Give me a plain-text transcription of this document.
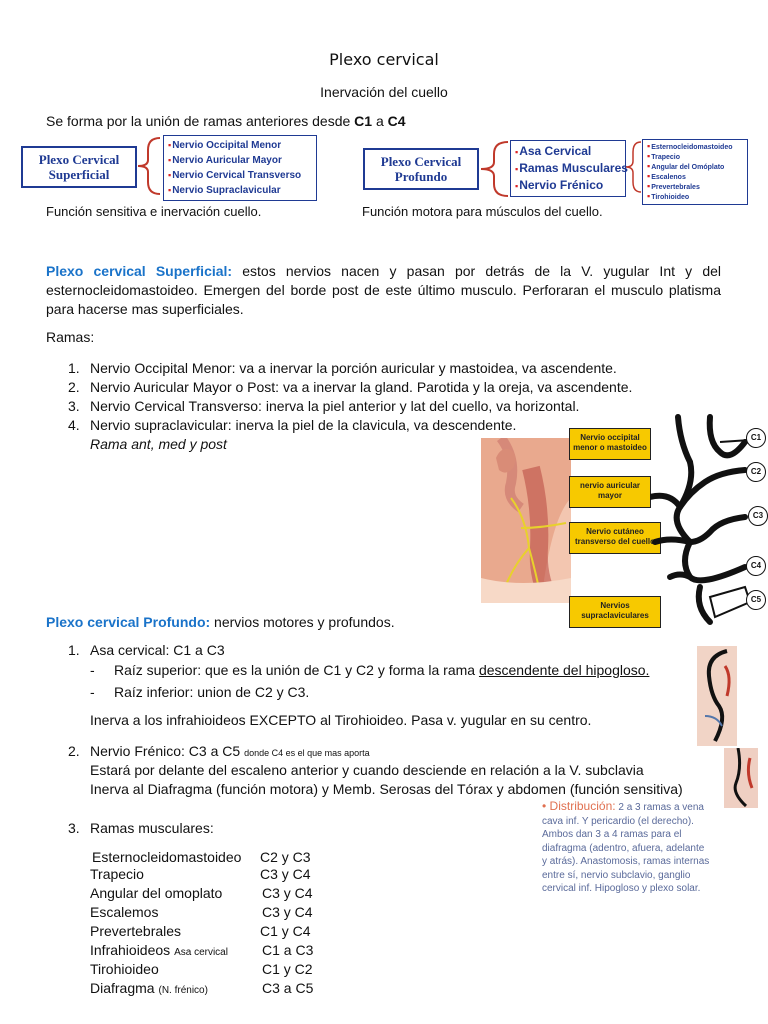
Plexo cervical
Inervación del cuello
Se forma por la unión de ramas anteriores desde C1 a C4
Plexo Cervical
Superficial
▪ Nervio Occipital Menor
▪ Nervio Auricular Mayor
▪ Nervio Cervical Transverso
▪ Nervio Supraclavicular
Función sensitiva e inervación cuello.
Plexo Cervical
Profundo
▪ Asa Cervical
▪ Ramas Musculares
▪ Nervio Frénico
▪ Esternocleidomastoideo
▪ Trapecio
▪ Angular del Omóplato
▪ Escalenos
▪ Prevertebrales
▪ Tirohioideo
Función motora para músculos del cuello.
Plexo cervical Superficial: estos nervios nacen y pasan por detrás de la V. yugular Int y del esternocleidomastoideo. Emergen del borde post de este último musculo. Perforaran el musculo platisma para hacerse mas superficiales.
Ramas:
1. Nervio Occipital Menor: va a inervar la porción auricular y mastoidea, va ascendente.
2. Nervio Auricular Mayor o Post: va a inervar la gland. Parotida y la oreja, va ascendente.
3. Nervio Cervical Transverso: inerva la piel anterior y lat del cuello, va horizontal.
4. Nervio supraclavicular: inerva la piel de la clavicula, va descendente.
Rama ant, med y post	Nervio occipital menor o mastoideo
nervio auricular mayor
Nervio cutáneo transverso del cuello
Nervios supraclaviculares
C1
C2
C3
C4
C5
Plexo cervical Profundo: nervios motores y profundos.
1. Asa cervical: C1 a C3
- Raíz superior: que es la unión de C1 y C2 y forma la rama descendente del hipogloso.
- Raíz inferior: union de C2 y C3.
Inerva a los infrahioideos EXCEPTO al Tirohioideo. Pasa v. yugular en su centro.
2. Nervio Frénico: C3 a C5 donde C4 es el que mas aporta
Estará por delante del escaleno anterior y cuando desciende en relación a la V. subclavia
Inerva al Diafragma (función motora) y Memb. Serosas del Tórax y abdomen (función sensitiva)
3. Ramas musculares:
• Distribución: 2 a 3 ramas a vena cava inf. Y pericardio (el derecho). Ambos dan 3 a 4 ramas para el diafragma (adentro, afuera, adelante y atrás). Anastomosis, ramas internas entre sí, nervio subclavio, ganglio cervical inf. Hipogloso y plexo solar.
Esternocleidomastoideo C2 y C3
Trapecio	C3 y C4
Angular del omoplato	C3 y C4
Escalemos	C3 y C4
Prevertebrales	C1 y C4
Infrahioideos Asa cervical C1 a C3
Tirohioideo	C1 y C2
Diafragma (N. frénico)	C3 a C5
